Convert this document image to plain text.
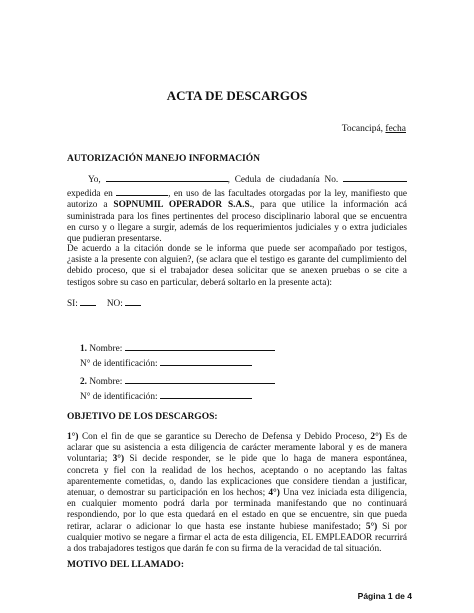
ACTA DE DESCARGOS
Tocancipá, fecha
AUTORIZACIÓN MANEJO INFORMACIÓN
Yo,	, Cedula de ciudadanía No.
expedida en	, en uso de las facultades otorgadas por la ley, manifiesto que
autorizo a SOPNUMIL OPERADOR S.A.S., para que utilice la información acá
suministrada para los fines pertinentes del proceso disciplinario laboral que se encuentra
en curso y o llegare a surgir, además de los requerimientos judiciales y o extra judiciales
que pudieran presentarse.
De acuerdo a la citación donde se le informa que puede ser acompañado por testigos,
¿asiste a la presente con alguien?, (se aclara que el testigo es garante del cumplimiento del
debido proceso, que si el trabajador desea solicitar que se anexen pruebas o se cite a
testigos sobre su caso en particular, deberá soltarlo en la presente acta):
SI:	NO:
1. Nombre:
N° de identificación:
2. Nombre:
N° de identificación:
OBJETIVO DE LOS DESCARGOS:
1°) Con el fin de que se garantice su Derecho de Defensa y Debido Proceso, 2°) Es de
aclarar que su asistencia a esta diligencia de carácter meramente laboral y es de manera
voluntaria; 3°) Si decide responder, se le pide que lo haga de manera espontánea,
concreta y fiel con la realidad de los hechos, aceptando o no aceptando las faltas
aparentemente cometidas, o, dando las explicaciones que considere tiendan a justificar,
atenuar, o demostrar su participación en los hechos; 4°) Una vez iniciada esta diligencia,
en cualquier momento podrá darla por terminada manifestando que no continuará
respondiendo, por lo que esta quedará en el estado en que se encuentre, sin que pueda
retirar, aclarar o adicionar lo que hasta ese instante hubiese manifestado; 5°) Si por
cualquier motivo se negare a firmar el acta de esta diligencia, EL EMPLEADOR recurrirá
a dos trabajadores testigos que darán fe con su firma de la veracidad de tal situación.
MOTIVO DEL LLAMADO:
Página 1 de 4
